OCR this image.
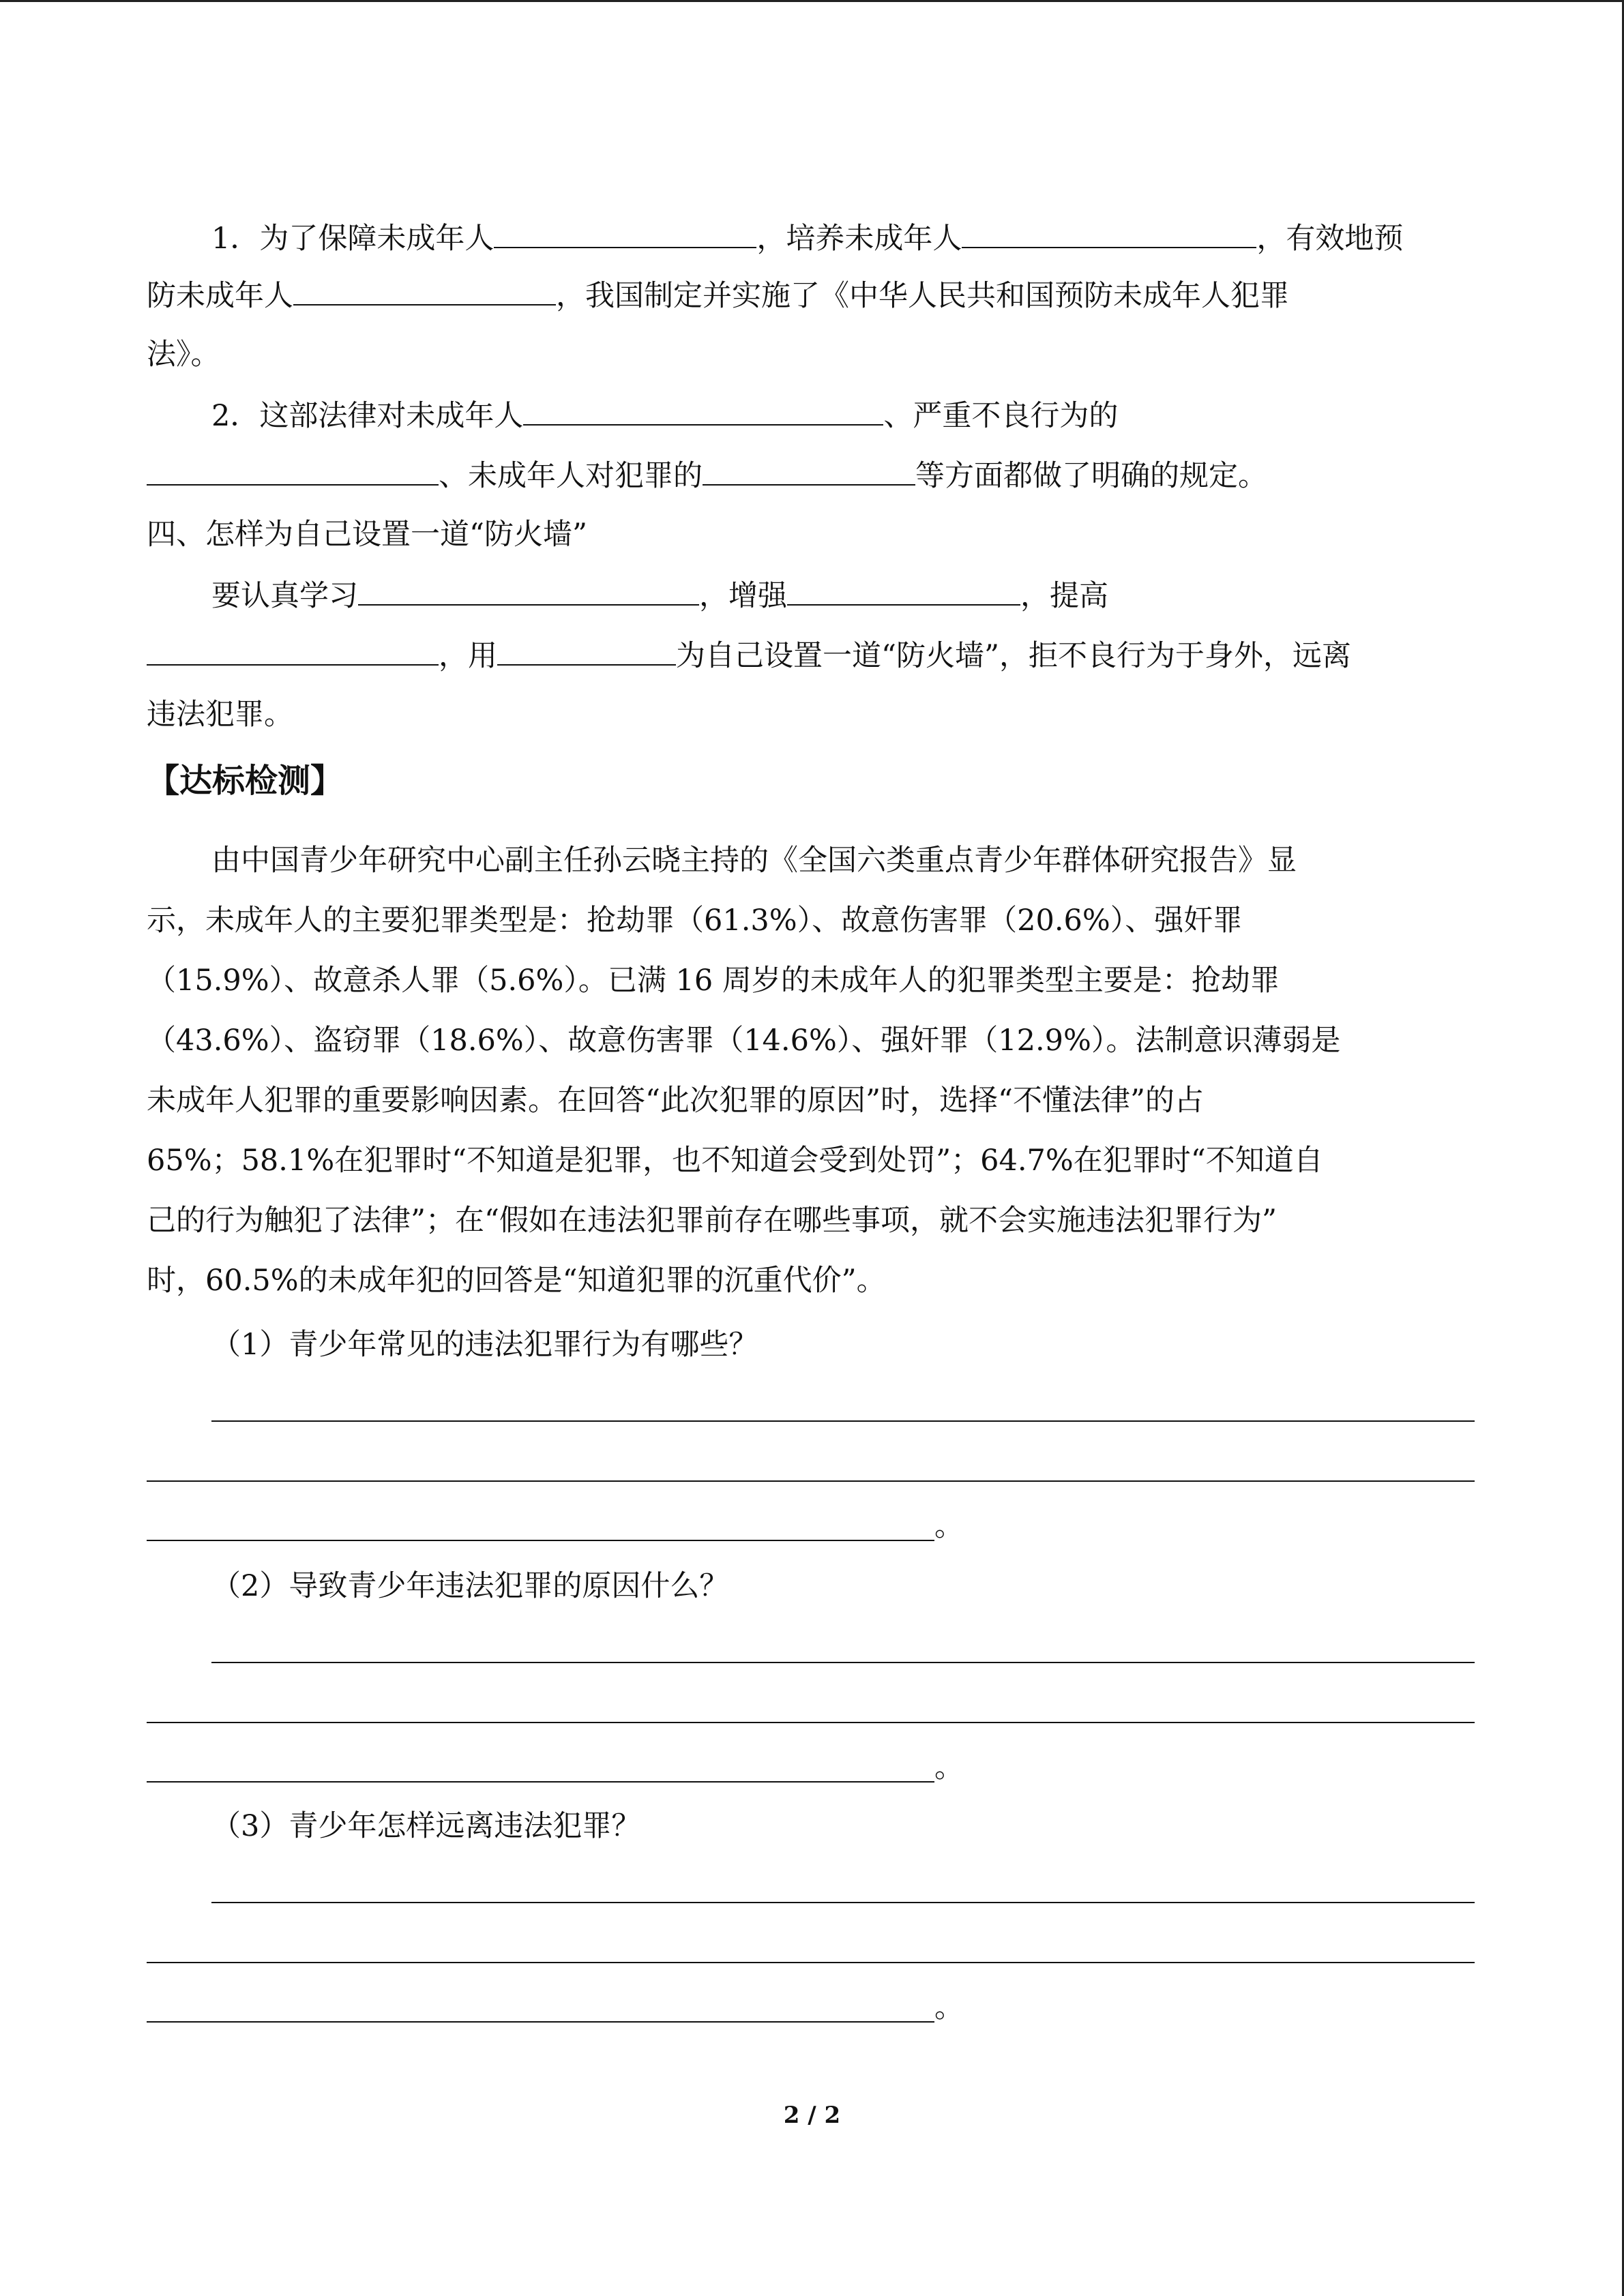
1．为了保障未成年人	，培养未成年人	，有效地预
防未成年人	，我国制定并实施了《中华人民共和国预防未成年人犯罪
法》。
2．这部法律对未成年人	、严重不良行为的
、未成年人对犯罪的	等方面都做了明确的规定。
四、怎样为自己设置一道“防火墙”
要认真学习	，增强	，提高
，用	为自己设置一道“防火墙”，拒不良行为于身外，远离
违法犯罪。
【达标检测】
由中国青少年研究中心副主任孙云晓主持的《全国六类重点青少年群体研究报告》显
示，未成年人的主要犯罪类型是：抢劫罪（61.3%）、故意伤害罪（20.6%）、强奸罪
（15.9%）、故意杀人罪（5.6%）。已满 16 周岁的未成年人的犯罪类型主要是：抢劫罪
（43.6%）、盗窃罪（18.6%）、故意伤害罪（14.6%）、强奸罪（12.9%）。法制意识薄弱是
未成年人犯罪的重要影响因素。在回答“此次犯罪的原因”时，选择“不懂法律”的占
65%；58.1%在犯罪时“不知道是犯罪，也不知道会受到处罚”；64.7%在犯罪时“不知道自
己的行为触犯了法律”；在“假如在违法犯罪前存在哪些事项，就不会实施违法犯罪行为”
时，60.5%的未成年犯的回答是“知道犯罪的沉重代价”。
（1）青少年常见的违法犯罪行为有哪些？
。
（2）导致青少年违法犯罪的原因什么？
。
（3）青少年怎样远离违法犯罪？
。
2 / 2
